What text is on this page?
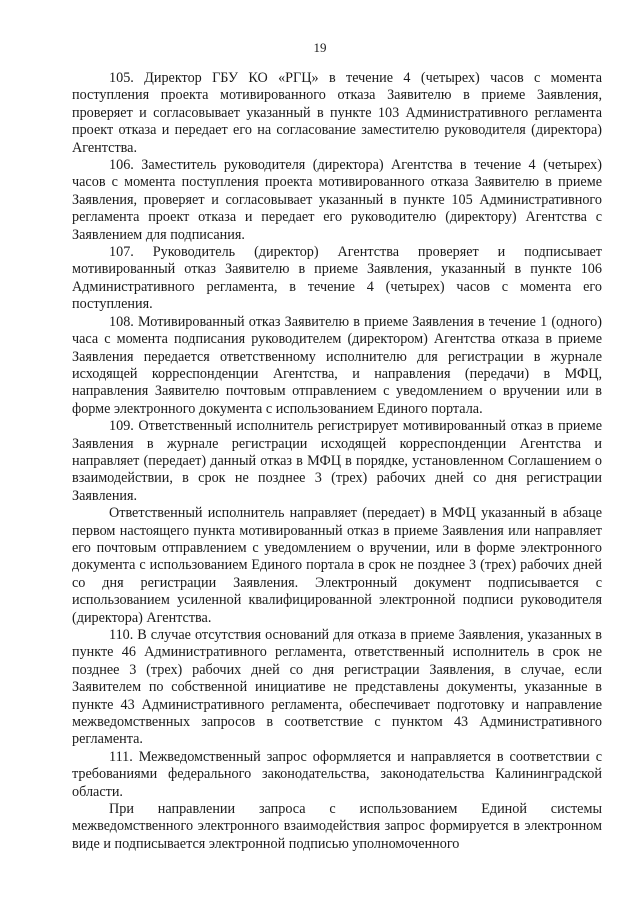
19

105. Директор ГБУ КО «РГЦ» в течение 4 (четырех) часов с момента поступления проекта мотивированного отказа Заявителю в приеме Заявления, проверяет и согласовывает указанный в пункте 103 Административного регламента проект отказа и передает его на согласование заместителю руководителя (директора) Агентства.

106. Заместитель руководителя (директора) Агентства в течение 4 (четырех) часов с момента поступления проекта мотивированного отказа Заявителю в приеме Заявления, проверяет и согласовывает указанный в пункте 105 Административного регламента проект отказа и передает его руководителю (директору) Агентства с Заявлением для подписания.

107. Руководитель (директор) Агентства проверяет и подписывает мотивированный отказ Заявителю в приеме Заявления, указанный в пункте 106 Административного регламента, в течение 4 (четырех) часов с момента его поступления.

108. Мотивированный отказ Заявителю в приеме Заявления в течение 1 (одного) часа с момента подписания руководителем (директором) Агентства отказа в приеме Заявления передается ответственному исполнителю для регистрации в журнале исходящей корреспонденции Агентства, и направления (передачи) в МФЦ, направления Заявителю почтовым отправлением с уведомлением о вручении или в форме электронного документа с использованием Единого портала.

109. Ответственный исполнитель регистрирует мотивированный отказ в приеме Заявления в журнале регистрации исходящей корреспонденции Агентства и направляет (передает) данный отказ в МФЦ в порядке, установленном Соглашением о взаимодействии, в срок не позднее 3 (трех) рабочих дней со дня регистрации Заявления.

Ответственный исполнитель направляет (передает) в МФЦ указанный в абзаце первом настоящего пункта мотивированный отказ в приеме Заявления или направляет его почтовым отправлением с уведомлением о вручении, или в форме электронного документа с использованием Единого портала в срок не позднее 3 (трех) рабочих дней со дня регистрации Заявления. Электронный документ подписывается с использованием усиленной квалифицированной электронной подписи руководителя (директора) Агентства.

110. В случае отсутствия оснований для отказа в приеме Заявления, указанных в пункте 46 Административного регламента, ответственный исполнитель в срок не позднее 3 (трех) рабочих дней со дня регистрации Заявления, в случае, если Заявителем по собственной инициативе не представлены документы, указанные в пункте 43 Административного регламента, обеспечивает подготовку и направление межведомственных запросов в соответствие с пунктом 43 Административного регламента.

111. Межведомственный запрос оформляется и направляется в соответствии с требованиями федерального законодательства, законодательства Калининградской области.

При направлении запроса с использованием Единой системы межведомственного электронного взаимодействия запрос формируется в электронном виде и подписывается электронной подписью уполномоченного
